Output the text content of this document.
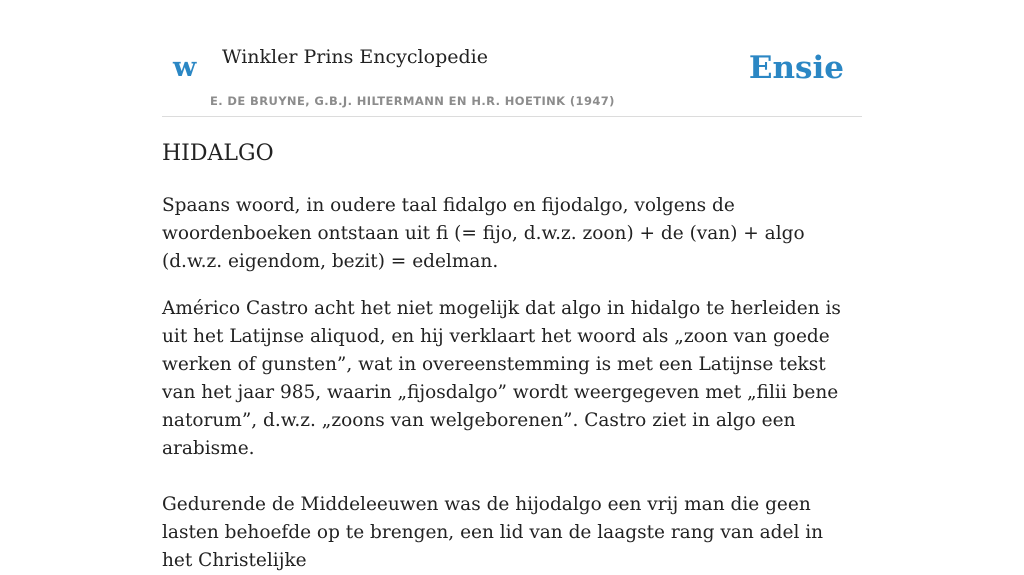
w Winkler Prins Encyclopedie
E. DE BRUYNE, G.B.J. HILTERMANN EN H.R. HOETINK (1947)
Ensie
HIDALGO

Spaans woord, in oudere taal fidalgo en fijodalgo, volgens de woordenboeken ontstaan uit fi (= fijo, d.w.z. zoon) + de (van) + algo (d.w.z. eigendom, bezit) = edelman.

Américo Castro acht het niet mogelijk dat algo in hidalgo te herleiden is uit het Latijnse aliquod, en hij verklaart het woord als „zoon van goede werken of gunsten”, wat in overeenstemming is met een Latijnse tekst van het jaar 985, waarin „fijosdalgo” wordt weergegeven met „filii bene natorum”, d.w.z. „zoons van welgeborenen”. Castro ziet in algo een arabisme.

Gedurende de Middeleeuwen was de hijodalgo een vrij man die geen lasten behoefde op te brengen, een lid van de laagste rang van adel in het Christelijke
